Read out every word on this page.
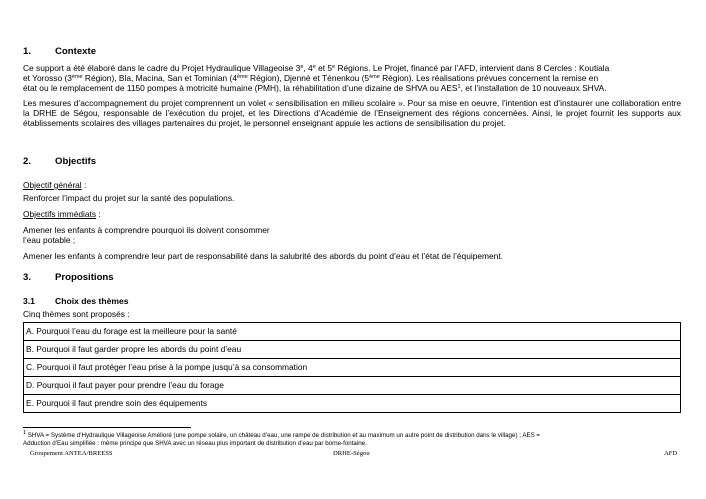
1. Contexte
Ce support a été élaboré dans le cadre du Projet Hydraulique Villageoise 3e, 4e et 5e Régions. Le Projet, financé par l’AFD, intervient dans 8 Cercles : Koutiala
et Yorosso (3ème Région), Bla, Macina, San et Tominian (4ème Région), Djenné et Ténenkou (5ème Région). Les réalisations prévues concernent la remise en
état ou le remplacement de 1150 pompes à motricité humaine (PMH), la réhabilitation d’une dizaine de SHVA ou AES$^1$, et l’installation de 10 nouveaux SHVA.
Les mesures d’accompagnement du projet comprennent un volet « sensibilisation en milieu scolaire ». Pour sa mise en oeuvre, l’intention est d’instaurer une collaboration entre la DRHE de Ségou, responsable de l’exécution du projet, et les Directions d’Académie de l’Enseignement des régions concernées. Ainsi, le projet fournit les supports aux établissements scolaires des villages partenaires du projet, le personnel enseignant appuie les actions de sensibilisation du projet.
2. Objectifs
Objectif général :
Renforcer l’impact du projet sur la santé des populations.
Objectifs immédiats :
Amener les enfants à comprendre pourquoi ils doivent consommer
l’eau potable ;
Amener les enfants à comprendre leur part de responsabilité dans la salubrité des abords du point d’eau et l’état de l’équipement.
3. Propositions
3.1 Choix des thèmes
Cinq thèmes sont proposés :
A. Pourquoi l’eau du forage est la meilleure pour la santé
B. Pourquoi il faut garder propre les abords du point d’eau
C. Pourquoi il faut protéger l’eau prise à la pompe jusqu’à sa consommation
D. Pourquoi il faut payer pour prendre l’eau du forage
E. Pourquoi il faut prendre soin des équipements
$^1$ SHVA = Système d’Hydraulique Villageoise Amélioré (une pompe solaire, un château d’eau, une rampe de distribution et au maximum un autre point de distribution dans le village) ; AES =
Adduction d’Eau simplifiée : même principe que SHVA avec un réseau plus important de distribution d’eau par borne-fontaine.
Groupement ANTEA/BREESS	DRHE-Ségou	AFD
